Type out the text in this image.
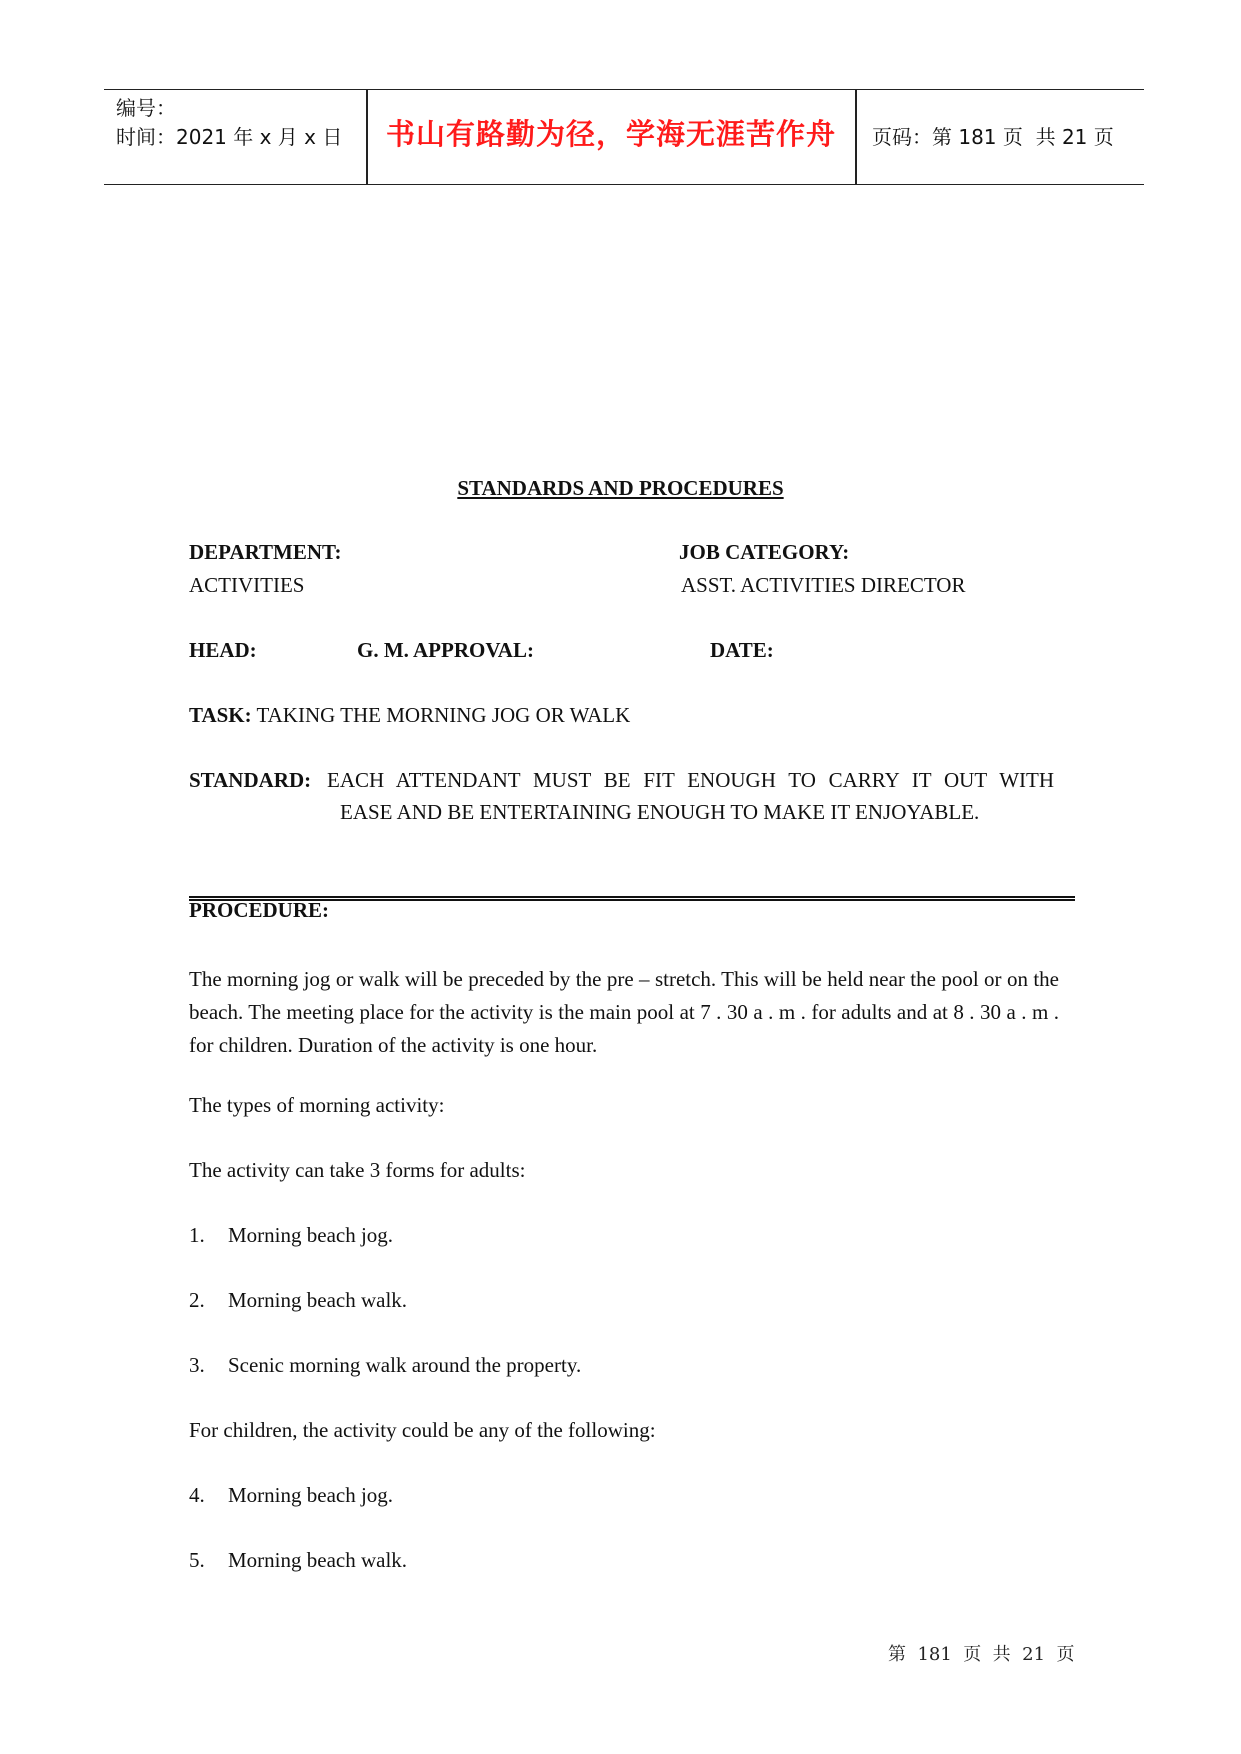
编号：
时间：2021 年 x 月 x 日	书山有路勤为径，学海无涯苦作舟	页码：第 181 页  共 21 页
STANDARDS AND PROCEDURES
DEPARTMENT:
ACTIVITIES
JOB CATEGORY:
ASST. ACTIVITIES DIRECTOR
HEAD:	G. M. APPROVAL:	DATE:
TASK: TAKING THE MORNING JOG OR WALK
STANDARD: EACH ATTENDANT MUST BE FIT ENOUGH TO CARRY IT OUT WITH
EASE AND BE ENTERTAINING ENOUGH TO MAKE IT ENJOYABLE.
PROCEDURE:
The morning jog or walk will be preceded by the pre – stretch. This will be held near the pool or on the beach. The meeting place for the activity is the main pool at 7 . 30 a . m . for adults and at 8 . 30 a . m . for children. Duration of the activity is one hour.
The types of morning activity:
The activity can take 3 forms for adults:
1. Morning beach jog.
2. Morning beach walk.
3. Scenic morning walk around the property.
For children, the activity could be any of the following:
4. Morning beach jog.
5. Morning beach walk.
第  181  页  共  21  页
